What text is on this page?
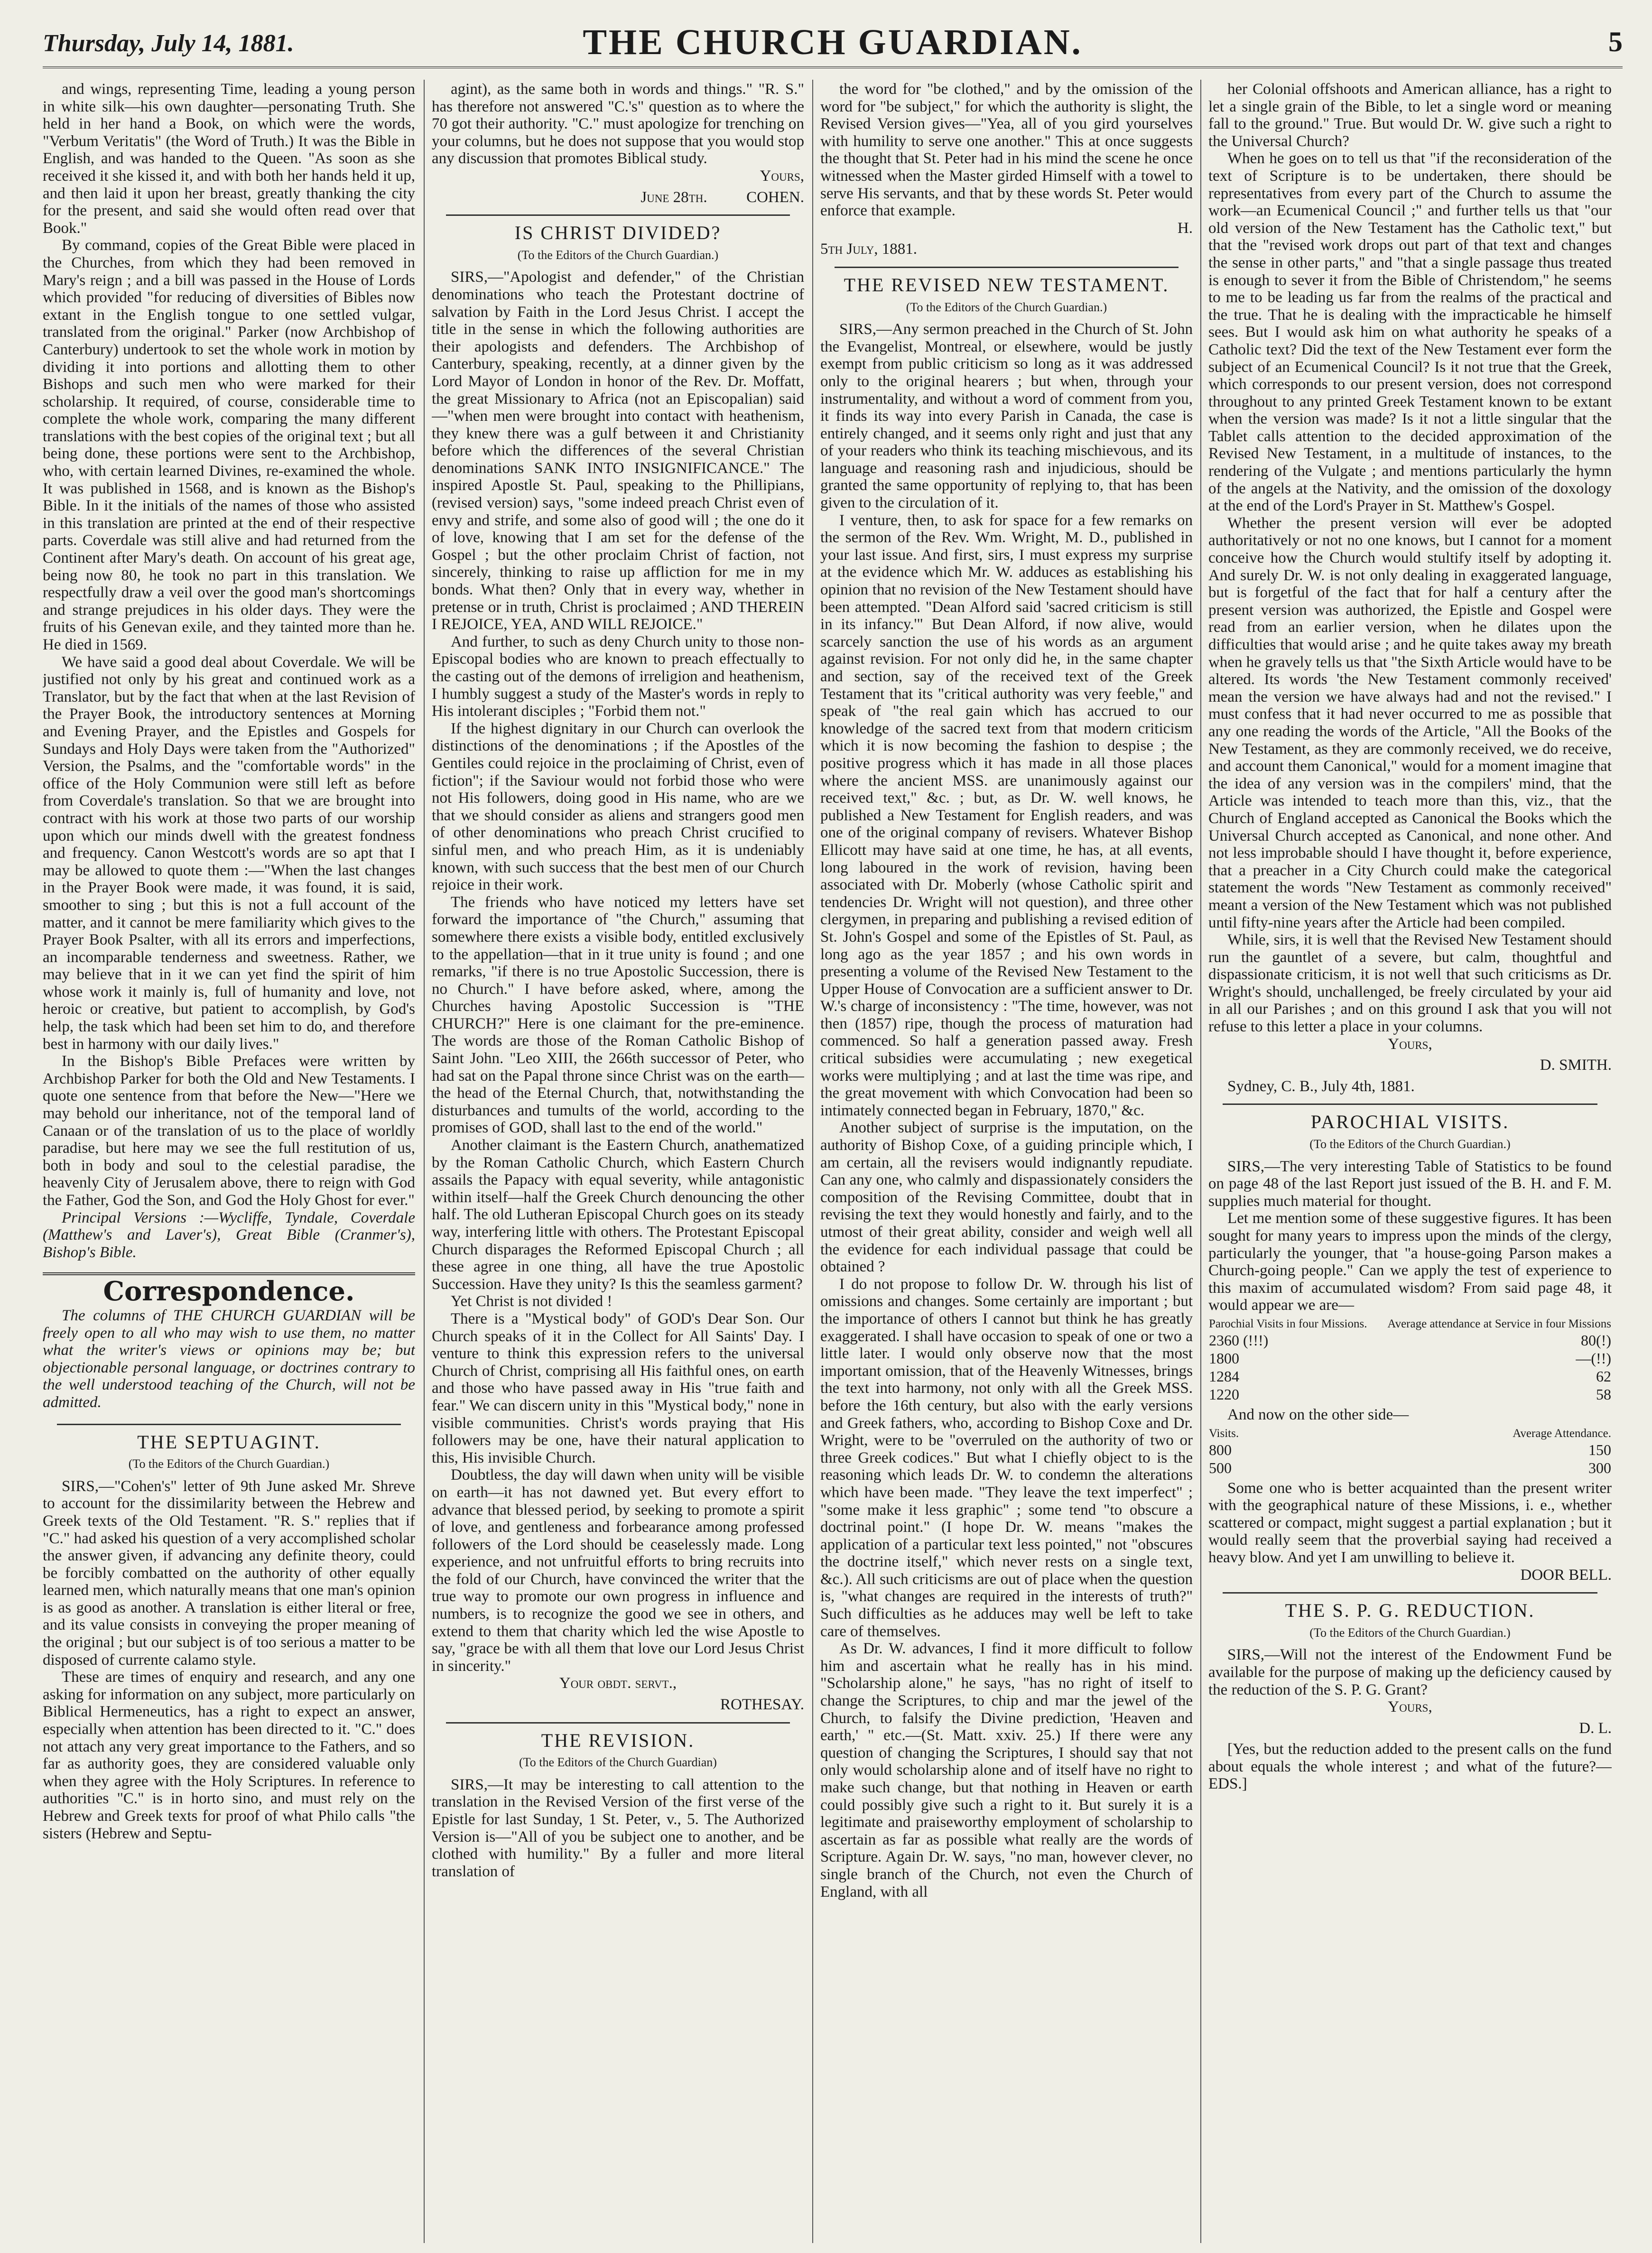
Thursday, July 14, 1881.	THE CHURCH GUARDIAN.	5

and wings, representing Time, leading a young person in white silk—his own daughter—personating Truth. She held in her hand a Book, on which were the words, "Verbum Veritatis" (the Word of Truth.) It was the Bible in English, and was handed to the Queen. "As soon as she received it she kissed it, and with both her hands held it up, and then laid it upon her breast, greatly thanking the city for the present, and said she would often read over that Book."

By command, copies of the Great Bible were placed in the Churches, from which they had been removed in Mary's reign ; and a bill was passed in the House of Lords which provided "for reducing of diversities of Bibles now extant in the English tongue to one settled vulgar, translated from the original." Parker (now Archbishop of Canterbury) undertook to set the whole work in motion by dividing it into portions and allotting them to other Bishops and such men who were marked for their scholarship. It required, of course, considerable time to complete the whole work, comparing the many different translations with the best copies of the original text ; but all being done, these portions were sent to the Archbishop, who, with certain learned Divines, re-examined the whole. It was published in 1568, and is known as the Bishop's Bible. In it the initials of the names of those who assisted in this translation are printed at the end of their respective parts. Coverdale was still alive and had returned from the Continent after Mary's death. On account of his great age, being now 80, he took no part in this translation. We respectfully draw a veil over the good man's shortcomings and strange prejudices in his older days. They were the fruits of his Genevan exile, and they tainted more than he. He died in 1569.

We have said a good deal about Coverdale. We will be justified not only by his great and continued work as a Translator, but by the fact that when at the last Revision of the Prayer Book, the introductory sentences at Morning and Evening Prayer, and the Epistles and Gospels for Sundays and Holy Days were taken from the "Authorized" Version, the Psalms, and the "comfortable words" in the office of the Holy Communion were still left as before from Coverdale's translation. So that we are brought into contract with his work at those two parts of our worship upon which our minds dwell with the greatest fondness and frequency. Canon Westcott's words are so apt that I may be allowed to quote them :—"When the last changes in the Prayer Book were made, it was found, it is said, smoother to sing ; but this is not a full account of the matter, and it cannot be mere familiarity which gives to the Prayer Book Psalter, with all its errors and imperfections, an incomparable tenderness and sweetness. Rather, we may believe that in it we can yet find the spirit of him whose work it mainly is, full of humanity and love, not heroic or creative, but patient to accomplish, by God's help, the task which had been set him to do, and therefore best in harmony with our daily lives."

In the Bishop's Bible Prefaces were written by Archbishop Parker for both the Old and New Testaments. I quote one sentence from that before the New—"Here we may behold our inheritance, not of the temporal land of Canaan or of the translation of us to the place of worldly paradise, but here may we see the full restitution of us, both in body and soul to the celestial paradise, the heavenly City of Jerusalem above, there to reign with God the Father, God the Son, and God the Holy Ghost for ever."

Principal Versions :—Wycliffe, Tyndale, Coverdale (Matthew's and Laver's), Great Bible (Cranmer's), Bishop's Bible.

Correspondence.

The columns of THE CHURCH GUARDIAN will be freely open to all who may wish to use them, no matter what the writer's views or opinions may be; but objectionable personal language, or doctrines contrary to the well understood teaching of the Church, will not be admitted.

THE SEPTUAGINT.
(To the Editors of the Church Guardian.)

SIRS,—"Cohen's" letter of 9th June asked Mr. Shreve to account for the dissimilarity between the Hebrew and Greek texts of the Old Testament. "R. S." replies that if "C." had asked his question of a very accomplished scholar the answer given, if advancing any definite theory, could be forcibly combatted on the authority of other equally learned men, which naturally means that one man's opinion is as good as another. A translation is either literal or free, and its value consists in conveying the proper meaning of the original ; but our subject is of too serious a matter to be disposed of currente calamo style.

These are times of enquiry and research, and any one asking for information on any subject, more particularly on Biblical Hermeneutics, has a right to expect an answer, especially when attention has been directed to it. "C." does not attach any very great importance to the Fathers, and so far as authority goes, they are considered valuable only when they agree with the Holy Scriptures. In reference to authorities "C." is in horto sino, and must rely on the Hebrew and Greek texts for proof of what Philo calls "the sisters (Hebrew and Septu-

agint), as the same both in words and things." "R. S." has therefore not answered "C.'s" question as to where the 70 got their authority. "C." must apologize for trenching on your columns, but he does not suppose that you would stop any discussion that promotes Biblical study.

Yours,

June 28th.          COHEN.

IS CHRIST DIVIDED?
(To the Editors of the Church Guardian.)

SIRS,—"Apologist and defender," of the Christian denominations who teach the Protestant doctrine of salvation by Faith in the Lord Jesus Christ. I accept the title in the sense in which the following authorities are their apologists and defenders. The Archbishop of Canterbury, speaking, recently, at a dinner given by the Lord Mayor of London in honor of the Rev. Dr. Moffatt, the great Missionary to Africa (not an Episcopalian) said—"when men were brought into contact with heathenism, they knew there was a gulf between it and Christianity before which the differences of the several Christian denominations SANK INTO INSIGNIFICANCE." The inspired Apostle St. Paul, speaking to the Phillipians, (revised version) says, "some indeed preach Christ even of envy and strife, and some also of good will ; the one do it of love, knowing that I am set for the defense of the Gospel ; but the other proclaim Christ of faction, not sincerely, thinking to raise up affliction for me in my bonds. What then? Only that in every way, whether in pretense or in truth, Christ is proclaimed ; AND THEREIN I REJOICE, YEA, AND WILL REJOICE."

And further, to such as deny Church unity to those non-Episcopal bodies who are known to preach effectually to the casting out of the demons of irreligion and heathenism, I humbly suggest a study of the Master's words in reply to His intolerant disciples ; "Forbid them not."

If the highest dignitary in our Church can overlook the distinctions of the denominations ; if the Apostles of the Gentiles could rejoice in the proclaiming of Christ, even of fiction"; if the Saviour would not forbid those who were not His followers, doing good in His name, who are we that we should consider as aliens and strangers good men of other denominations who preach Christ crucified to sinful men, and who preach Him, as it is undeniably known, with such success that the best men of our Church rejoice in their work.

The friends who have noticed my letters have set forward the importance of "the Church," assuming that somewhere there exists a visible body, entitled exclusively to the appellation—that in it true unity is found ; and one remarks, "if there is no true Apostolic Succession, there is no Church." I have before asked, where, among the Churches having Apostolic Succession is "THE CHURCH?" Here is one claimant for the pre-eminence. The words are those of the Roman Catholic Bishop of Saint John. "Leo XIII, the 266th successor of Peter, who had sat on the Papal throne since Christ was on the earth—the head of the Eternal Church, that, notwithstanding the disturbances and tumults of the world, according to the promises of GOD, shall last to the end of the world."

Another claimant is the Eastern Church, anathematized by the Roman Catholic Church, which Eastern Church assails the Papacy with equal severity, while antagonistic within itself—half the Greek Church denouncing the other half. The old Lutheran Episcopal Church goes on its steady way, interfering little with others. The Protestant Episcopal Church disparages the Reformed Episcopal Church ; all these agree in one thing, all have the true Apostolic Succession. Have they unity? Is this the seamless garment?

Yet Christ is not divided !

There is a "Mystical body" of GOD's Dear Son. Our Church speaks of it in the Collect for All Saints' Day. I venture to think this expression refers to the universal Church of Christ, comprising all His faithful ones, on earth and those who have passed away in His "true faith and fear." We can discern unity in this "Mystical body," none in visible communities. Christ's words praying that His followers may be one, have their natural application to this, His invisible Church.

Doubtless, the day will dawn when unity will be visible on earth—it has not dawned yet. But every effort to advance that blessed period, by seeking to promote a spirit of love, and gentleness and forbearance among professed followers of the Lord should be ceaselessly made. Long experience, and not unfruitful efforts to bring recruits into the fold of our Church, have convinced the writer that the true way to promote our own progress in influence and numbers, is to recognize the good we see in others, and extend to them that charity which led the wise Apostle to say, "grace be with all them that love our Lord Jesus Christ in sincerity."

Your obdt. servt.,

ROTHESAY.

THE REVISION.
(To the Editors of the Church Guardian)

SIRS,—It may be interesting to call attention to the translation in the Revised Version of the first verse of the Epistle for last Sunday, 1 St. Peter, v., 5. The Authorized Version is—"All of you be subject one to another, and be clothed with humility." By a fuller and more literal translation of

the word for "be clothed," and by the omission of the word for "be subject," for which the authority is slight, the Revised Version gives—"Yea, all of you gird yourselves with humility to serve one another." This at once suggests the thought that St. Peter had in his mind the scene he once witnessed when the Master girded Himself with a towel to serve His servants, and that by these words St. Peter would enforce that example.

H.

5th July, 1881.

THE REVISED NEW TESTAMENT.
(To the Editors of the Church Guardian.)

SIRS,—Any sermon preached in the Church of St. John the Evangelist, Montreal, or elsewhere, would be justly exempt from public criticism so long as it was addressed only to the original hearers ; but when, through your instrumentality, and without a word of comment from you, it finds its way into every Parish in Canada, the case is entirely changed, and it seems only right and just that any of your readers who think its teaching mischievous, and its language and reasoning rash and injudicious, should be granted the same opportunity of replying to, that has been given to the circulation of it.

I venture, then, to ask for space for a few remarks on the sermon of the Rev. Wm. Wright, M. D., published in your last issue. And first, sirs, I must express my surprise at the evidence which Mr. W. adduces as establishing his opinion that no revision of the New Testament should have been attempted. "Dean Alford said 'sacred criticism is still in its infancy.'" But Dean Alford, if now alive, would scarcely sanction the use of his words as an argument against revision. For not only did he, in the same chapter and section, say of the received text of the Greek Testament that its "critical authority was very feeble," and speak of "the real gain which has accrued to our knowledge of the sacred text from that modern criticism which it is now becoming the fashion to despise ; the positive progress which it has made in all those places where the ancient MSS. are unanimously against our received text," &c. ; but, as Dr. W. well knows, he published a New Testament for English readers, and was one of the original company of revisers. Whatever Bishop Ellicott may have said at one time, he has, at all events, long laboured in the work of revision, having been associated with Dr. Moberly (whose Catholic spirit and tendencies Dr. Wright will not question), and three other clergymen, in preparing and publishing a revised edition of St. John's Gospel and some of the Epistles of St. Paul, as long ago as the year 1857 ; and his own words in presenting a volume of the Revised New Testament to the Upper House of Convocation are a sufficient answer to Dr. W.'s charge of inconsistency : "The time, however, was not then (1857) ripe, though the process of maturation had commenced. So half a generation passed away. Fresh critical subsidies were accumulating ; new exegetical works were multiplying ; and at last the time was ripe, and the great movement with which Convocation had been so intimately connected began in February, 1870," &c.

Another subject of surprise is the imputation, on the authority of Bishop Coxe, of a guiding principle which, I am certain, all the revisers would indignantly repudiate. Can any one, who calmly and dispassionately considers the composition of the Revising Committee, doubt that in revising the text they would honestly and fairly, and to the utmost of their great ability, consider and weigh well all the evidence for each individual passage that could be obtained ?

I do not propose to follow Dr. W. through his list of omissions and changes. Some certainly are important ; but the importance of others I cannot but think he has greatly exaggerated. I shall have occasion to speak of one or two a little later. I would only observe now that the most important omission, that of the Heavenly Witnesses, brings the text into harmony, not only with all the Greek MSS. before the 16th century, but also with the early versions and Greek fathers, who, according to Bishop Coxe and Dr. Wright, were to be "overruled on the authority of two or three Greek codices." But what I chiefly object to is the reasoning which leads Dr. W. to condemn the alterations which have been made. "They leave the text imperfect" ; "some make it less graphic" ; some tend "to obscure a doctrinal point." (I hope Dr. W. means "makes the application of a particular text less pointed," not "obscures the doctrine itself," which never rests on a single text, &c.). All such criticisms are out of place when the question is, "what changes are required in the interests of truth?" Such difficulties as he adduces may well be left to take care of themselves.

As Dr. W. advances, I find it more difficult to follow him and ascertain what he really has in his mind. "Scholarship alone," he says, "has no right of itself to change the Scriptures, to chip and mar the jewel of the Church, to falsify the Divine prediction, 'Heaven and earth,' " etc.—(St. Matt. xxiv. 25.) If there were any question of changing the Scriptures, I should say that not only would scholarship alone and of itself have no right to make such change, but that nothing in Heaven or earth could possibly give such a right to it. But surely it is a legitimate and praiseworthy employment of scholarship to ascertain as far as possible what really are the words of Scripture. Again Dr. W. says, "no man, however clever, no single branch of the Church, not even the Church of England, with all

her Colonial offshoots and American alliance, has a right to let a single grain of the Bible, to let a single word or meaning fall to the ground." True. But would Dr. W. give such a right to the Universal Church?

When he goes on to tell us that "if the reconsideration of the text of Scripture is to be undertaken, there should be representatives from every part of the Church to assume the work—an Ecumenical Council ;" and further tells us that "our old version of the New Testament has the Catholic text," but that the "revised work drops out part of that text and changes the sense in other parts," and "that a single passage thus treated is enough to sever it from the Bible of Christendom," he seems to me to be leading us far from the realms of the practical and the true. That he is dealing with the impracticable he himself sees. But I would ask him on what authority he speaks of a Catholic text? Did the text of the New Testament ever form the subject of an Ecumenical Council? Is it not true that the Greek, which corresponds to our present version, does not correspond throughout to any printed Greek Testament known to be extant when the version was made? Is it not a little singular that the Tablet calls attention to the decided approximation of the Revised New Testament, in a multitude of instances, to the rendering of the Vulgate ; and mentions particularly the hymn of the angels at the Nativity, and the omission of the doxology at the end of the Lord's Prayer in St. Matthew's Gospel.

Whether the present version will ever be adopted authoritatively or not no one knows, but I cannot for a moment conceive how the Church would stultify itself by adopting it. And surely Dr. W. is not only dealing in exaggerated language, but is forgetful of the fact that for half a century after the present version was authorized, the Epistle and Gospel were read from an earlier version, when he dilates upon the difficulties that would arise ; and he quite takes away my breath when he gravely tells us that "the Sixth Article would have to be altered. Its words 'the New Testament commonly received' mean the version we have always had and not the revised." I must confess that it had never occurred to me as possible that any one reading the words of the Article, "All the Books of the New Testament, as they are commonly received, we do receive, and account them Canonical," would for a moment imagine that the idea of any version was in the compilers' mind, that the Article was intended to teach more than this, viz., that the Church of England accepted as Canonical the Books which the Universal Church accepted as Canonical, and none other. And not less improbable should I have thought it, before experience, that a preacher in a City Church could make the categorical statement the words "New Testament as commonly received" meant a version of the New Testament which was not published until fifty-nine years after the Article had been compiled.

While, sirs, it is well that the Revised New Testament should run the gauntlet of a severe, but calm, thoughtful and dispassionate criticism, it is not well that such criticisms as Dr. Wright's should, unchallenged, be freely circulated by your aid in all our Parishes ; and on this ground I ask that you will not refuse to this letter a place in your columns.

Yours,

D. SMITH.

Sydney, C. B., July 4th, 1881.

PAROCHIAL VISITS.
(To the Editors of the Church Guardian.)

SIRS,—The very interesting Table of Statistics to be found on page 48 of the last Report just issued of the B. H. and F. M. supplies much material for thought.

Let me mention some of these suggestive figures. It has been sought for many years to impress upon the minds of the clergy, particularly the younger, that "a house-going Parson makes a Church-going people." Can we apply the test of experience to this maxim of accumulated wisdom? From said page 48, it would appear we are—

Parochial Visits in four Missions.	Average attendance at Service in four Missions
2360 (!!!)	80(!)
1800	—(!!)
1284	62
1220	58

And now on the other side—

Visits.	Average Attendance.
800	150
500	300

Some one who is better acquainted than the present writer with the geographical nature of these Missions, i. e., whether scattered or compact, might suggest a partial explanation ; but it would really seem that the proverbial saying had received a heavy blow. And yet I am unwilling to believe it.

DOOR BELL.

THE S. P. G. REDUCTION.
(To the Editors of the Church Guardian.)

SIRS,—Will not the interest of the Endowment Fund be available for the purpose of making up the deficiency caused by the reduction of the S. P. G. Grant?

Yours,

D. L.

[Yes, but the reduction added to the present calls on the fund about equals the whole interest ; and what of the future?—EDS.]
